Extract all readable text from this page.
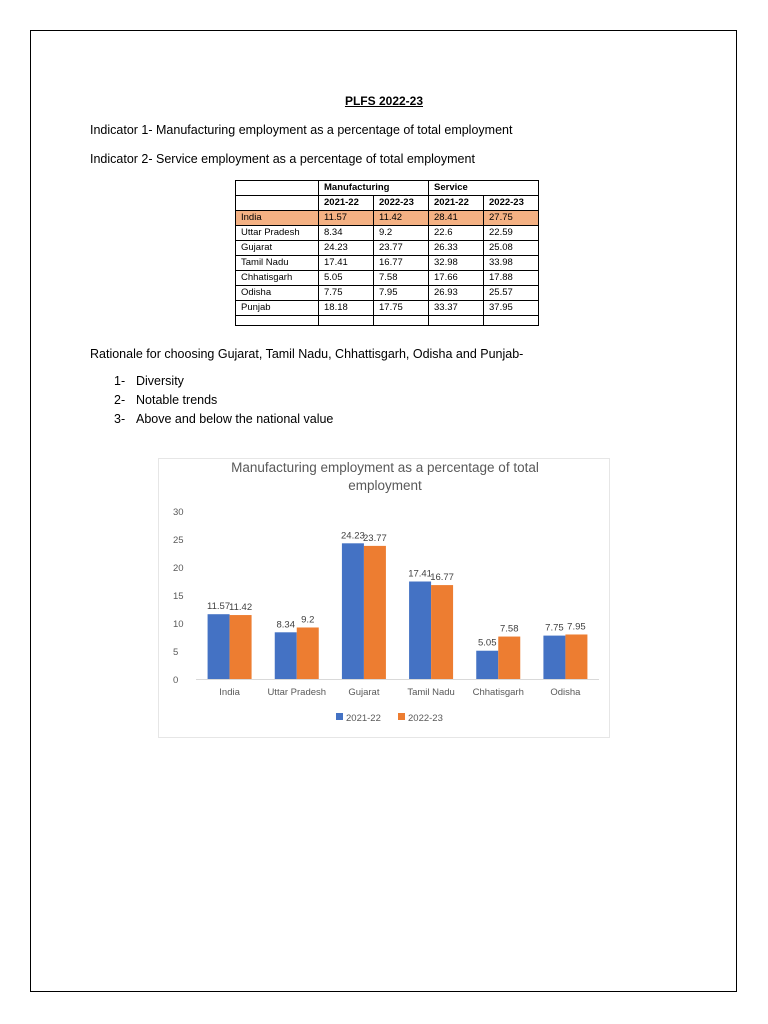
PLFS 2022-23
Indicator 1- Manufacturing employment as a percentage of total employment
Indicator 2- Service employment as a percentage of total employment
	Manufacturing		Service	
	2021-22	2022-23	2021-22	2022-23
India	11.57	11.42	28.41	27.75
Uttar Pradesh	8.34	9.2	22.6	22.59
Gujarat	24.23	23.77	26.33	25.08
Tamil Nadu	17.41	16.77	32.98	33.98
Chhatisgarh	5.05	7.58	17.66	17.88
Odisha	7.75	7.95	26.93	25.57
Punjab	18.18	17.75	33.37	37.95

Rationale for choosing Gujarat, Tamil Nadu, Chhattisgarh, Odisha and Punjab-
1- Diversity
2- Notable trends
3- Above and below the national value
Manufacturing employment as a percentage of total employment
0
5
10
15
20
25
30
11.57
11.42
India
8.34 9.2
Uttar Pradesh
24.23
23.77
Gujarat
17.41
16.77
Tamil Nadu
5.05
7.58
Chhatisgarh
7.75 7.95
Odisha
2021-22	2022-23
